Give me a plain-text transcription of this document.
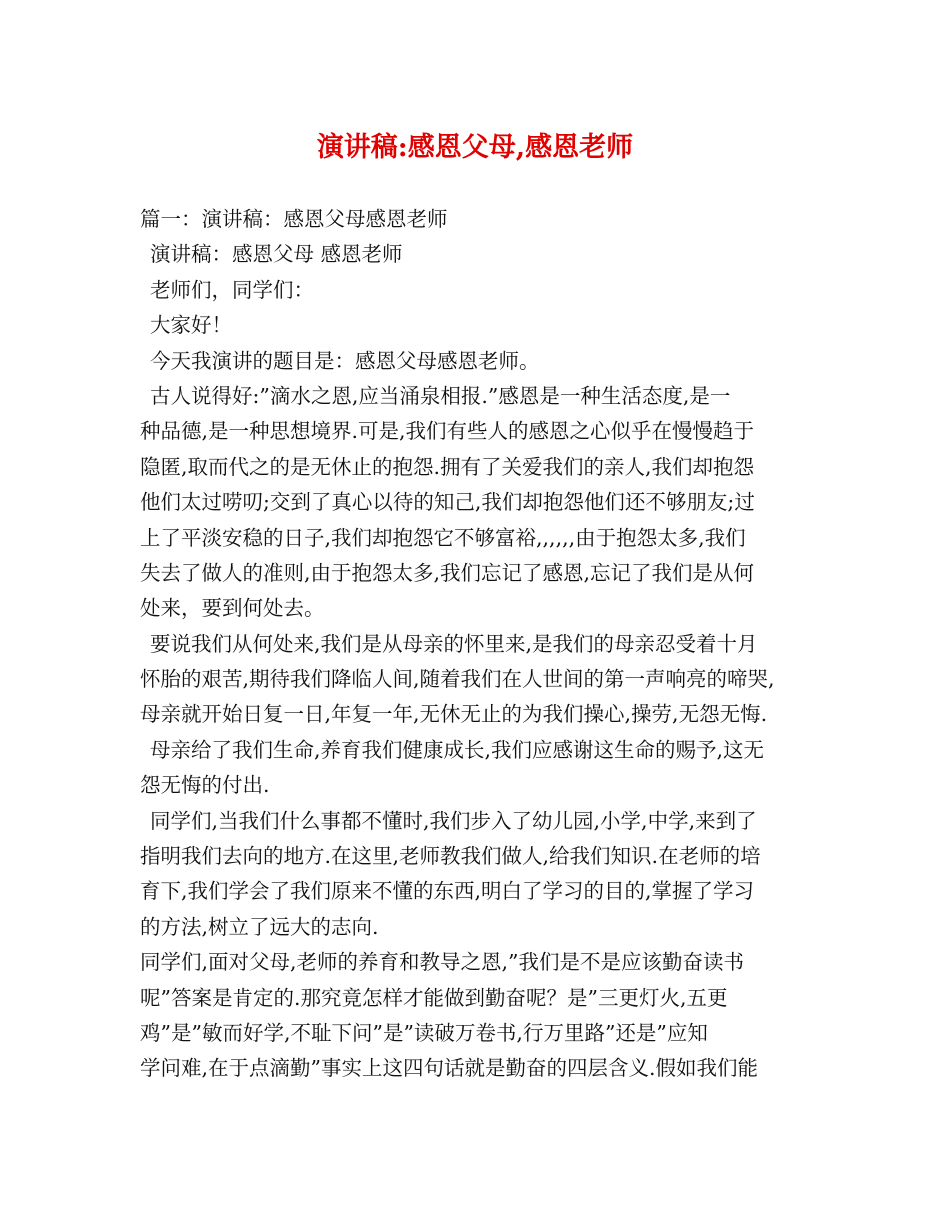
演讲稿:感恩父母,感恩老师
篇一：演讲稿：感恩父母感恩老师
演讲稿：感恩父母 感恩老师
老师们，同学们：
大家好！
今天我演讲的题目是：感恩父母感恩老师。
古人说得好:”滴水之恩,应当涌泉相报.”感恩是一种生活态度,是一
种品德,是一种思想境界.可是,我们有些人的感恩之心似乎在慢慢趋于
隐匿,取而代之的是无休止的抱怨.拥有了关爱我们的亲人,我们却抱怨
他们太过唠叨;交到了真心以待的知己,我们却抱怨他们还不够朋友;过
上了平淡安稳的日子,我们却抱怨它不够富裕,,,,,,由于抱怨太多,我们
失去了做人的准则,由于抱怨太多,我们忘记了感恩,忘记了我们是从何
处来，要到何处去。
要说我们从何处来,我们是从母亲的怀里来,是我们的母亲忍受着十月
怀胎的艰苦,期待我们降临人间,随着我们在人世间的第一声响亮的啼哭,
母亲就开始日复一日,年复一年,无休无止的为我们操心,操劳,无怨无悔.
母亲给了我们生命,养育我们健康成长,我们应感谢这生命的赐予,这无
怨无悔的付出.
同学们,当我们什么事都不懂时,我们步入了幼儿园,小学,中学,来到了
指明我们去向的地方.在这里,老师教我们做人,给我们知识.在老师的培
育下,我们学会了我们原来不懂的东西,明白了学习的目的,掌握了学习
的方法,树立了远大的志向.
同学们,面对父母,老师的养育和教导之恩,”我们是不是应该勤奋读书
呢”答案是肯定的.那究竟怎样才能做到勤奋呢？是”三更灯火,五更
鸡”是”敏而好学,不耻下问”是”读破万卷书,行万里路”还是”应知
学问难,在于点滴勤”事实上这四句话就是勤奋的四层含义.假如我们能
